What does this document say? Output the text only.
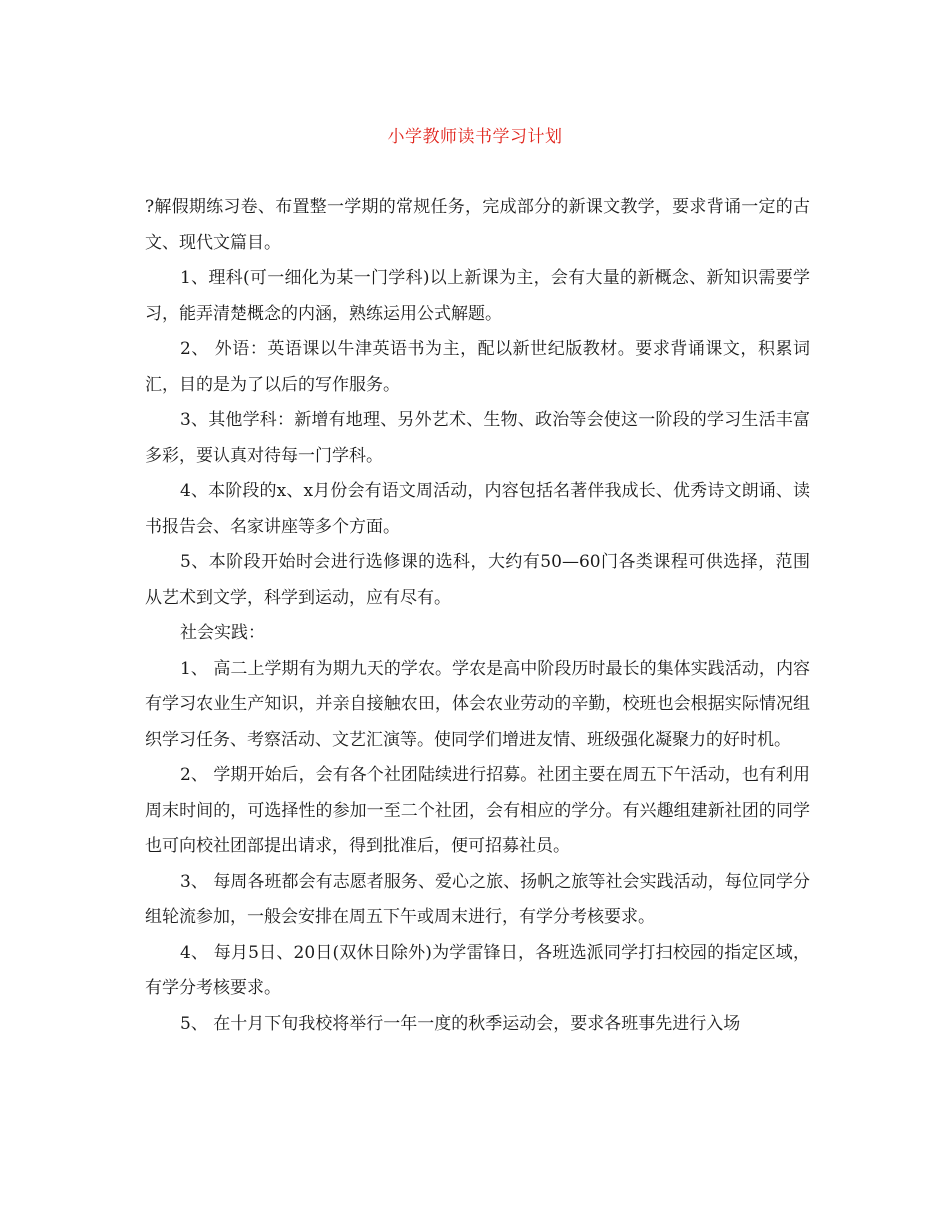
小学教师读书学习计划

?解假期练习卷、布置整一学期的常规任务，完成部分的新课文教学，要求背诵一定的古文、现代文篇目。

1、理科(可一细化为某一门学科)以上新课为主，会有大量的新概念、新知识需要学习，能弄清楚概念的内涵，熟练运用公式解题。

2、 外语：英语课以牛津英语书为主，配以新世纪版教材。要求背诵课文，积累词汇，目的是为了以后的写作服务。

3、其他学科：新增有地理、另外艺术、生物、政治等会使这一阶段的学习生活丰富多彩，要认真对待每一门学科。

4、本阶段的x、x月份会有语文周活动，内容包括名著伴我成长、优秀诗文朗诵、读书报告会、名家讲座等多个方面。

5、本阶段开始时会进行选修课的选科，大约有50—60门各类课程可供选择，范围从艺术到文学，科学到运动，应有尽有。

社会实践：

1、 高二上学期有为期九天的学农。学农是高中阶段历时最长的集体实践活动，内容有学习农业生产知识，并亲自接触农田，体会农业劳动的辛勤，校班也会根据实际情况组织学习任务、考察活动、文艺汇演等。使同学们增进友情、班级强化凝聚力的好时机。

2、 学期开始后，会有各个社团陆续进行招募。社团主要在周五下午活动，也有利用周末时间的，可选择性的参加一至二个社团，会有相应的学分。有兴趣组建新社团的同学也可向校社团部提出请求，得到批准后，便可招募社员。

3、 每周各班都会有志愿者服务、爱心之旅、扬帆之旅等社会实践活动，每位同学分组轮流参加，一般会安排在周五下午或周末进行，有学分考核要求。

4、 每月5日、20日(双休日除外)为学雷锋日，各班选派同学打扫校园的指定区域，有学分考核要求。

5、 在十月下旬我校将举行一年一度的秋季运动会，要求各班事先进行入场
